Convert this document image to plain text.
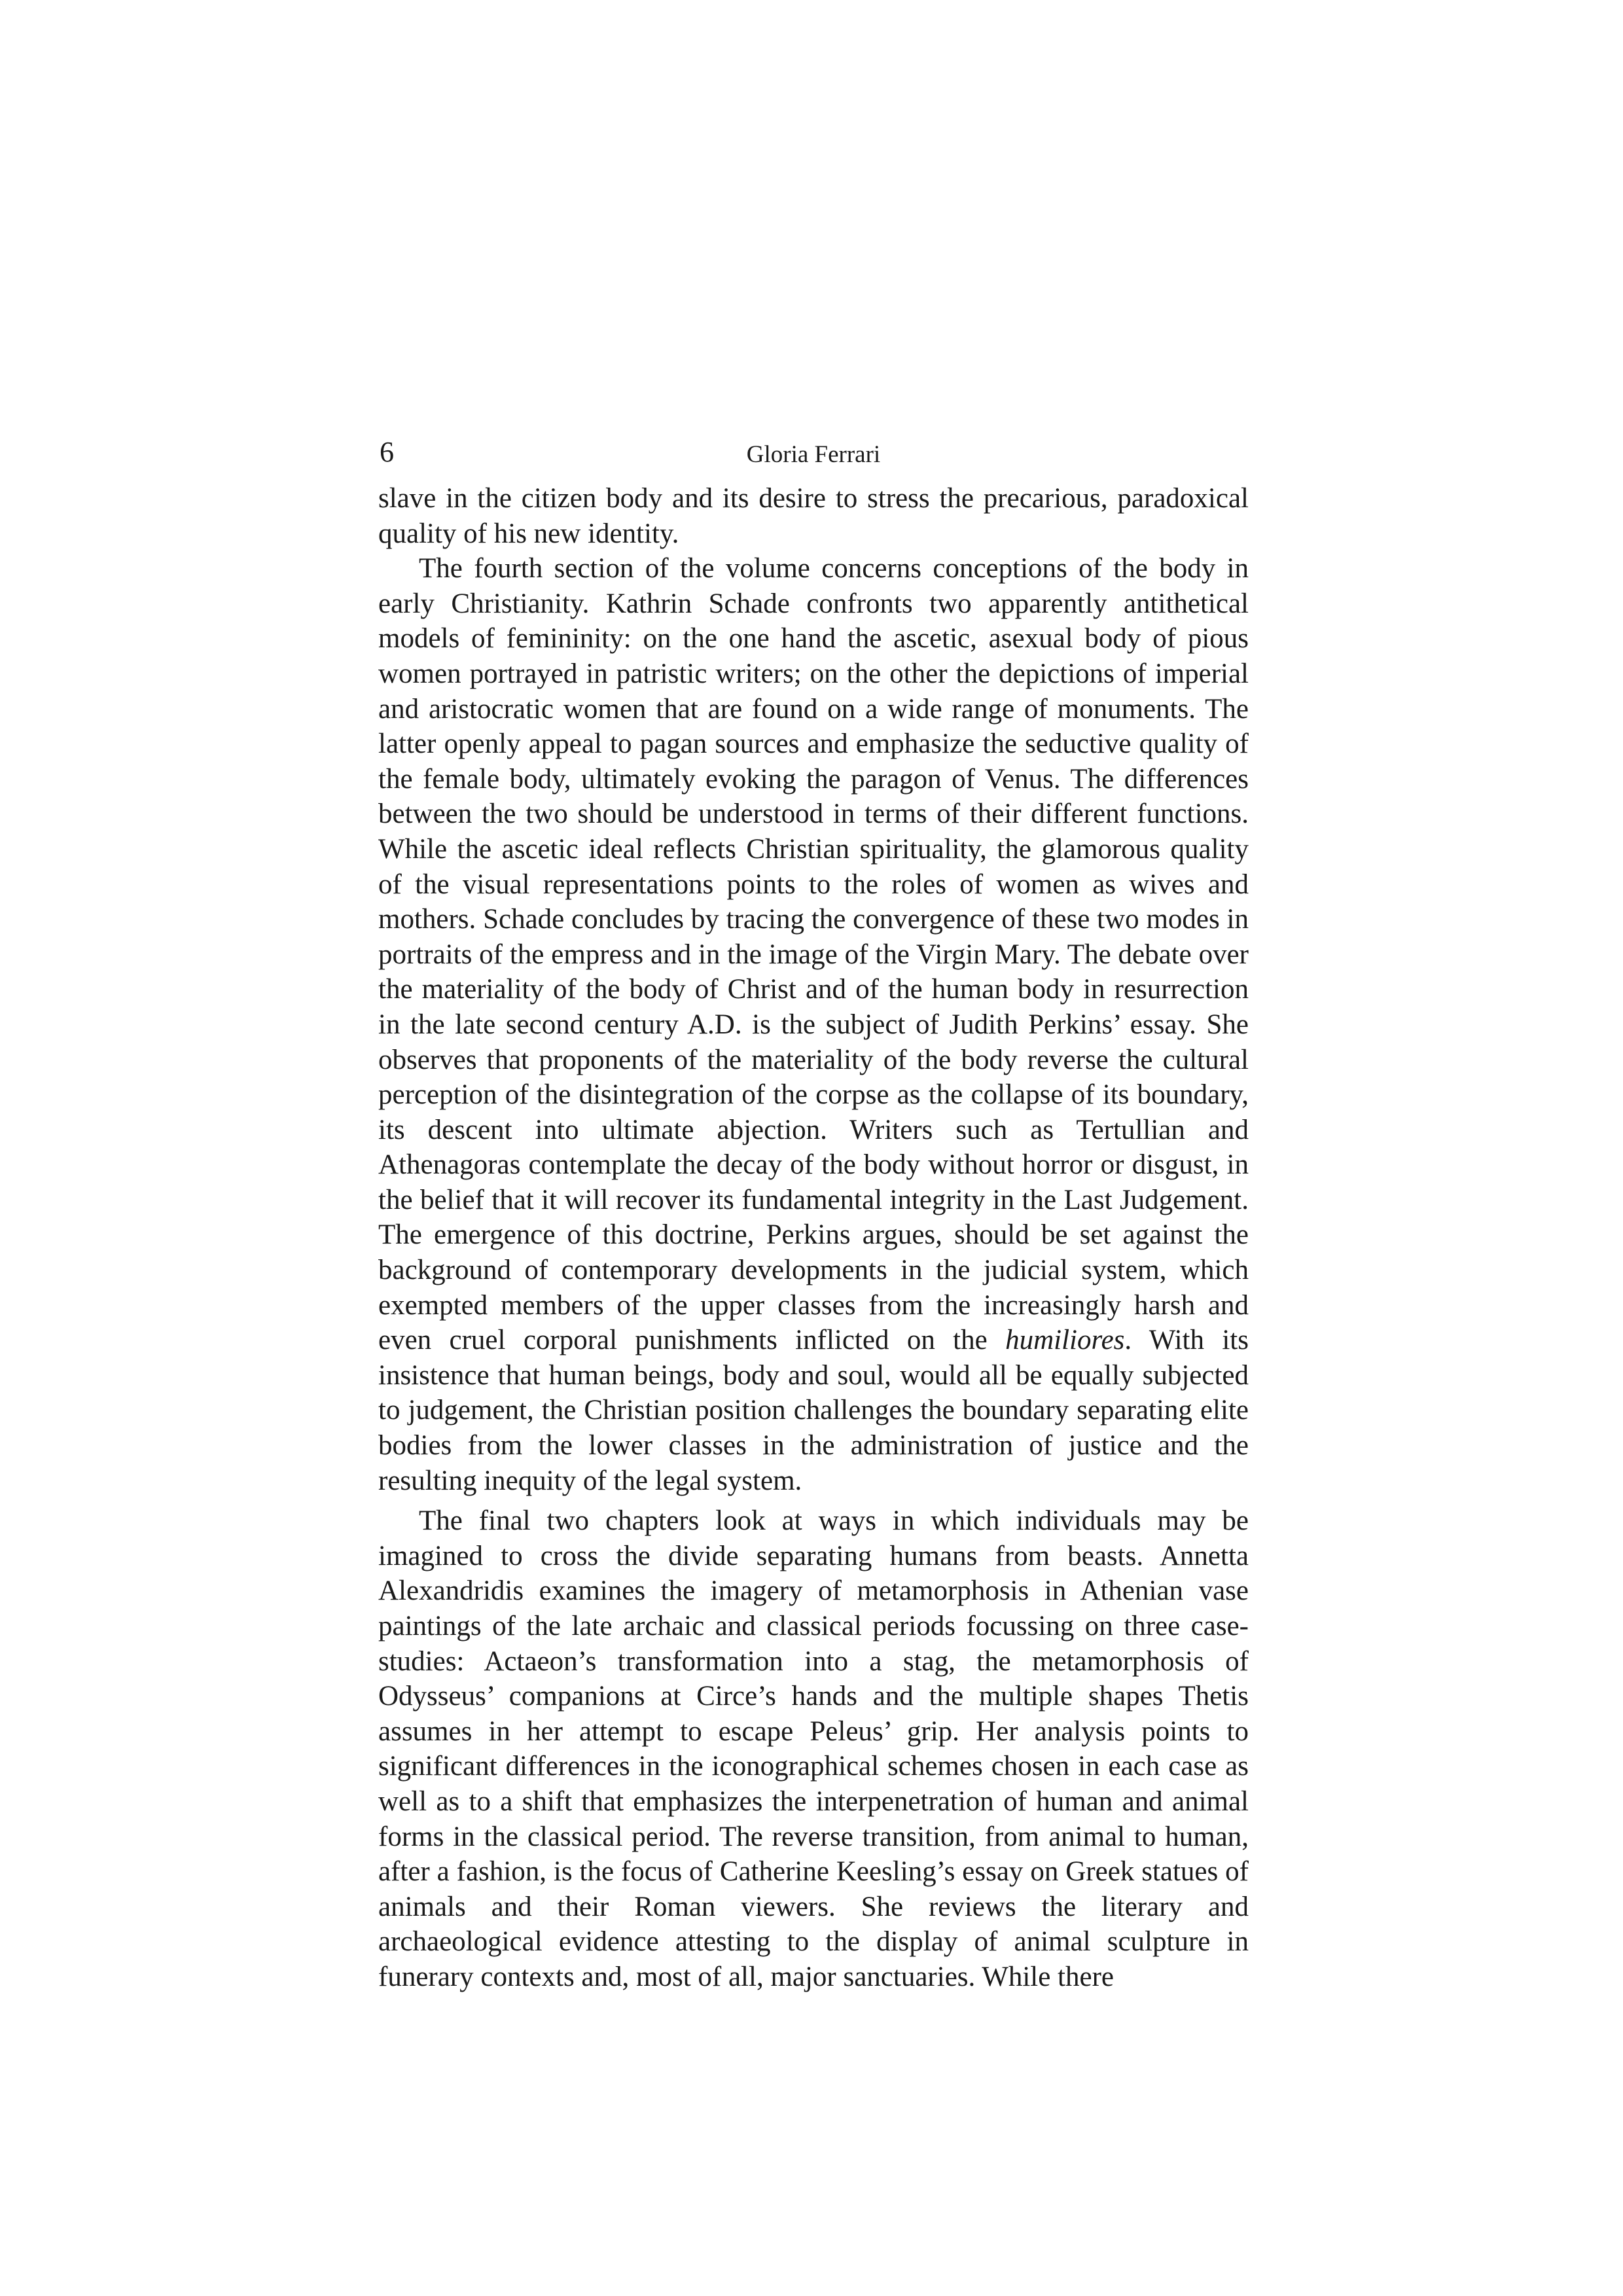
6	Gloria Ferrari

slave in the citizen body and its desire to stress the precarious, paradoxical quality of his new identity.

The fourth section of the volume concerns conceptions of the body in early Christianity. Kathrin Schade confronts two apparently antithetical models of femininity: on the one hand the ascetic, asexual body of pious women portrayed in patristic writers; on the other the depictions of imperial and aristocratic women that are found on a wide range of monuments. The latter openly appeal to pagan sources and emphasize the seductive quality of the female body, ultimately evoking the paragon of Venus. The differences between the two should be understood in terms of their different functions. While the ascetic ideal reflects Christian spirituality, the glamorous quality of the visual representations points to the roles of women as wives and mothers. Schade concludes by tracing the convergence of these two modes in portraits of the empress and in the image of the Virgin Mary. The debate over the materiality of the body of Christ and of the human body in resurrection in the late second century A.D. is the subject of Judith Perkins’ essay. She observes that proponents of the materiality of the body reverse the cultural perception of the disintegration of the corpse as the collapse of its boundary, its descent into ultimate abjection. Writers such as Tertullian and Athenagoras contemplate the decay of the body without horror or disgust, in the belief that it will recover its fundamental integrity in the Last Judgement. The emergence of this doctrine, Perkins argues, should be set against the background of contemporary developments in the judicial system, which exempted members of the upper classes from the increasingly harsh and even cruel corporal punishments inflicted on the humiliores. With its insistence that human beings, body and soul, would all be equally subjected to judgement, the Christian position challenges the boundary separating elite bodies from the lower classes in the administration of justice and the resulting inequity of the legal system.

The final two chapters look at ways in which individuals may be imagined to cross the divide separating humans from beasts. Annetta Alexandridis examines the imagery of metamorphosis in Athenian vase paintings of the late archaic and classical periods focussing on three case-studies: Actaeon’s transformation into a stag, the metamorphosis of Odysseus’ companions at Circe’s hands and the multiple shapes Thetis assumes in her attempt to escape Peleus’ grip. Her analysis points to significant differences in the iconographical schemes chosen in each case as well as to a shift that emphasizes the interpenetration of human and animal forms in the classical period. The reverse transition, from animal to human, after a fashion, is the focus of Catherine Keesling’s essay on Greek statues of animals and their Roman viewers. She reviews the literary and archaeological evidence attesting to the display of animal sculpture in funerary contexts and, most of all, major sanctuaries. While there
